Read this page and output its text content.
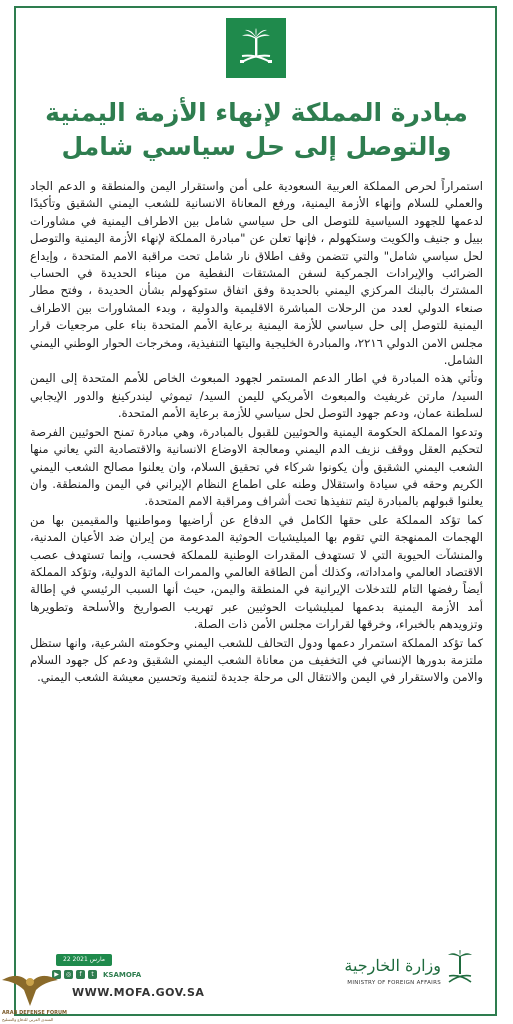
مبادرة المملكة لإنهاء الأزمة اليمنية
والتوصل إلى حل سياسي شامل

استمراراً لحرص المملكة العربية السعودية على أمن واستقرار اليمن والمنطقة و الدعم الجاد والعملي للسلام وإنهاء الأزمة اليمنية، ورفع المعاناة الانسانية للشعب اليمني الشقيق وتأكيدًا لدعمها للجهود السياسية للتوصل الى حل سياسي شامل بين الاطراف اليمنية في مشاورات بييل و جنيف والكويت وستكهولم ، فإنها تعلن عن "مبادرة المملكة لإنهاء الأزمة اليمنية والتوصل لحل سياسي شامل" والتي تتضمن وقف اطلاق نار شامل تحت مراقبة الامم المتحدة ، وإيداع الضرائب والإيرادات الجمركية لسفن المشتقات النفطية من ميناء الحديدة في الحساب المشترك بالبنك المركزي اليمني بالحديدة وفق اتفاق ستوكهولم بشأن الحديدة ، وفتح مطار صنعاء الدولي لعدد من الرحلات المباشرة الاقليمية والدولية ، وبدء المشاورات بين الاطراف اليمنية للتوصل إلى حل سياسي للأزمة اليمنية برعاية الأمم المتحدة بناء على مرجعيات قرار مجلس الامن الدولي ٢٢١٦، والمبادرة الخليجية واليتها التنفيذية، ومخرجات الحوار الوطني اليمني الشامل.

وتأتي هذه المبادرة في اطار الدعم المستمر لجهود المبعوث الخاص للأمم المتحدة إلى اليمن السيد/ مارتن غريفيث والمبعوث الأمريكي لليمن السيد/ تيموثي ليندركينغ والدور الإيجابي لسلطنة عمان، ودعم جهود التوصل لحل سياسي للأزمة برعاية الأمم المتحدة.

وتدعوا المملكة الحكومة اليمنية والحوثيين للقبول بالمبادرة، وهي مبادرة تمنح الحوثيين الفرصة لتحكيم العقل ووقف نزيف الدم اليمني ومعالجة الاوضاع الانسانية والاقتصادية التي يعاني منها الشعب اليمني الشقيق وأن يكونوا شركاء في تحقيق السلام، وان يعلنوا مصالح الشعب اليمني الكريم وحقه في سيادة واستقلال وطنه على اطماع النظام الإيراني في اليمن والمنطقة. وان يعلنوا قبولهم بالمبادرة ليتم تنفيذها تحت أشراف ومراقبة الامم المتحدة.

كما تؤكد المملكة على حقها الكامل في الدفاع عن أراضيها ومواطنيها والمقيمين بها من الهجمات الممنهجة التي تقوم بها الميليشيات الحوثية المدعومة من إيران ضد الأعيان المدنية، والمنشآت الحيوية التي لا تستهدف المقدرات الوطنية للمملكة فحسب، وإنما تستهدف عصب الاقتصاد العالمي وامداداته، وكذلك أمن الطاقة العالمي والممرات المائية الدولية، وتؤكد المملكة أيضاً رفضها التام للتدخلات الإيرانية في المنطقة واليمن، حيث أنها السبب الرئيسي في إطالة أمد الأزمة اليمنية بدعمها لميليشيات الحوثيين عبر تهريب الصواريخ والأسلحة وتطويرها وتزويدهم بالخبراء، وخرقها لقرارات مجلس الأمن ذات الصلة.

كما تؤكد المملكة استمرار دعمها ودول التحالف للشعب اليمني وحكومته الشرعية، وانها ستظل ملتزمة بدورها الإنساني في التخفيف من معاناة الشعب اليمني الشقيق ودعم كل جهود السلام والامن والاستقرار في اليمن والانتقال الى مرحلة جديدة لتنمية وتحسين معيشة الشعب اليمني.

22 مارس 2021
▶	◎	f	t	KSAMOFA
WWW.MOFA.GOV.SA
وزارة الخارجية
MINISTRY OF FOREIGN AFFAIRS
ARAB DEFENSE FORUM
المنتدى العربي للدفاع والتسليح
